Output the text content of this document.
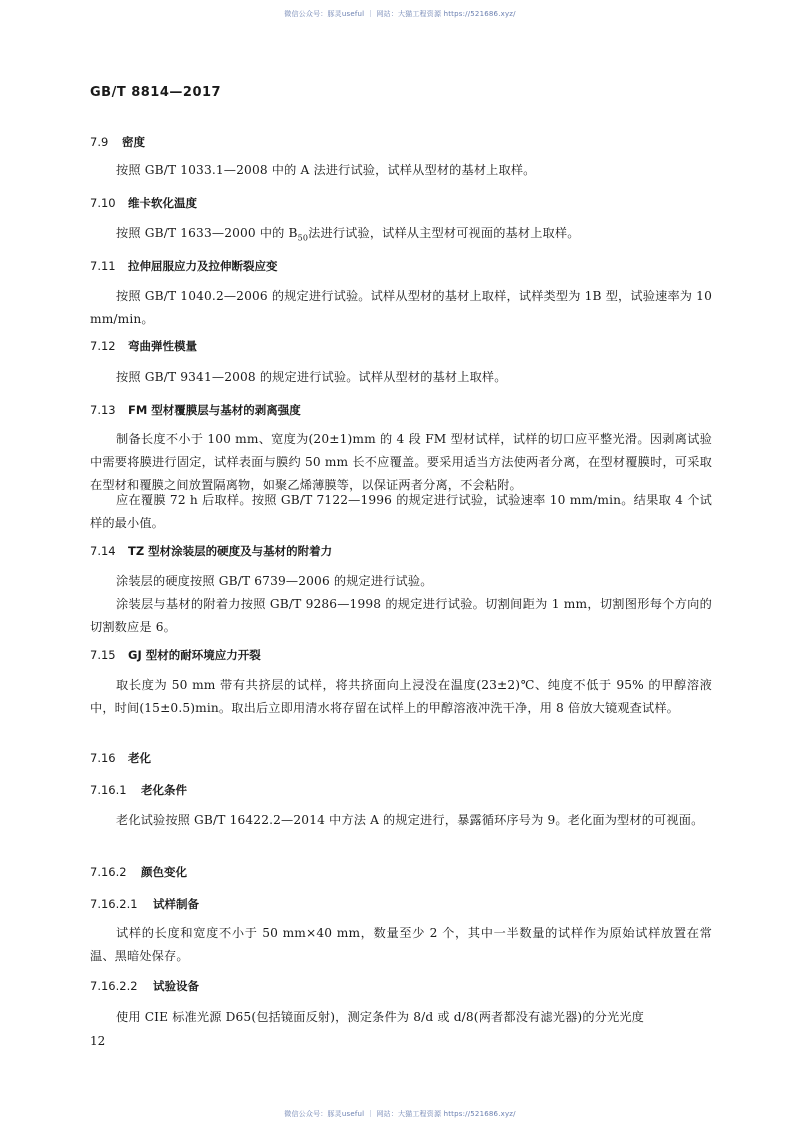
微信公众号：豚灵useful ｜ 网站：大猫工程资源 https://521686.xyz/
GB/T 8814—2017
7.9 密度
按照 GB/T 1033.1—2008 中的 A 法进行试验，试样从型材的基材上取样。
7.10 维卡软化温度
按照 GB/T 1633—2000 中的 $B_{50}$法进行试验，试样从主型材可视面的基材上取样。
7.11 拉伸屈服应力及拉伸断裂应变
按照 GB/T 1040.2—2006 的规定进行试验。试样从型材的基材上取样，试样类型为 1B 型，试验速率为 10 mm/min。
7.12 弯曲弹性模量
按照 GB/T 9341—2008 的规定进行试验。试样从型材的基材上取样。
7.13 FM 型材覆膜层与基材的剥离强度
制备长度不小于 100 mm、宽度为(20±1)mm 的 4 段 FM 型材试样，试样的切口应平整光滑。因剥离试验中需要将膜进行固定，试样表面与膜约 50 mm 长不应覆盖。要采用适当方法使两者分离，在型材覆膜时，可采取在型材和覆膜之间放置隔离物，如聚乙烯薄膜等，以保证两者分离，不会粘附。
应在覆膜 72 h 后取样。按照 GB/T 7122—1996 的规定进行试验，试验速率 10 mm/min。结果取 4 个试样的最小值。
7.14 TZ 型材涂装层的硬度及与基材的附着力
涂装层的硬度按照 GB/T 6739—2006 的规定进行试验。
涂装层与基材的附着力按照 GB/T 9286—1998 的规定进行试验。切割间距为 1 mm，切割图形每个方向的切割数应是 6。
7.15 GJ 型材的耐环境应力开裂
取长度为 50 mm 带有共挤层的试样，将共挤面向上浸没在温度(23±2)℃、纯度不低于 95% 的甲醇溶液中，时间(15±0.5)min。取出后立即用清水将存留在试样上的甲醇溶液冲洗干净，用 8 倍放大镜观查试样。
7.16 老化
7.16.1 老化条件
老化试验按照 GB/T 16422.2—2014 中方法 A 的规定进行，暴露循环序号为 9。老化面为型材的可视面。
7.16.2 颜色变化
7.16.2.1 试样制备
试样的长度和宽度不小于 50 mm×40 mm，数量至少 2 个，其中一半数量的试样作为原始试样放置在常温、黑暗处保存。
7.16.2.2 试验设备
使用 CIE 标准光源 D65(包括镜面反射)，测定条件为 8/d 或 d/8(两者都没有滤光器)的分光光度
12
微信公众号：豚灵useful ｜ 网站：大猫工程资源 https://521686.xyz/
